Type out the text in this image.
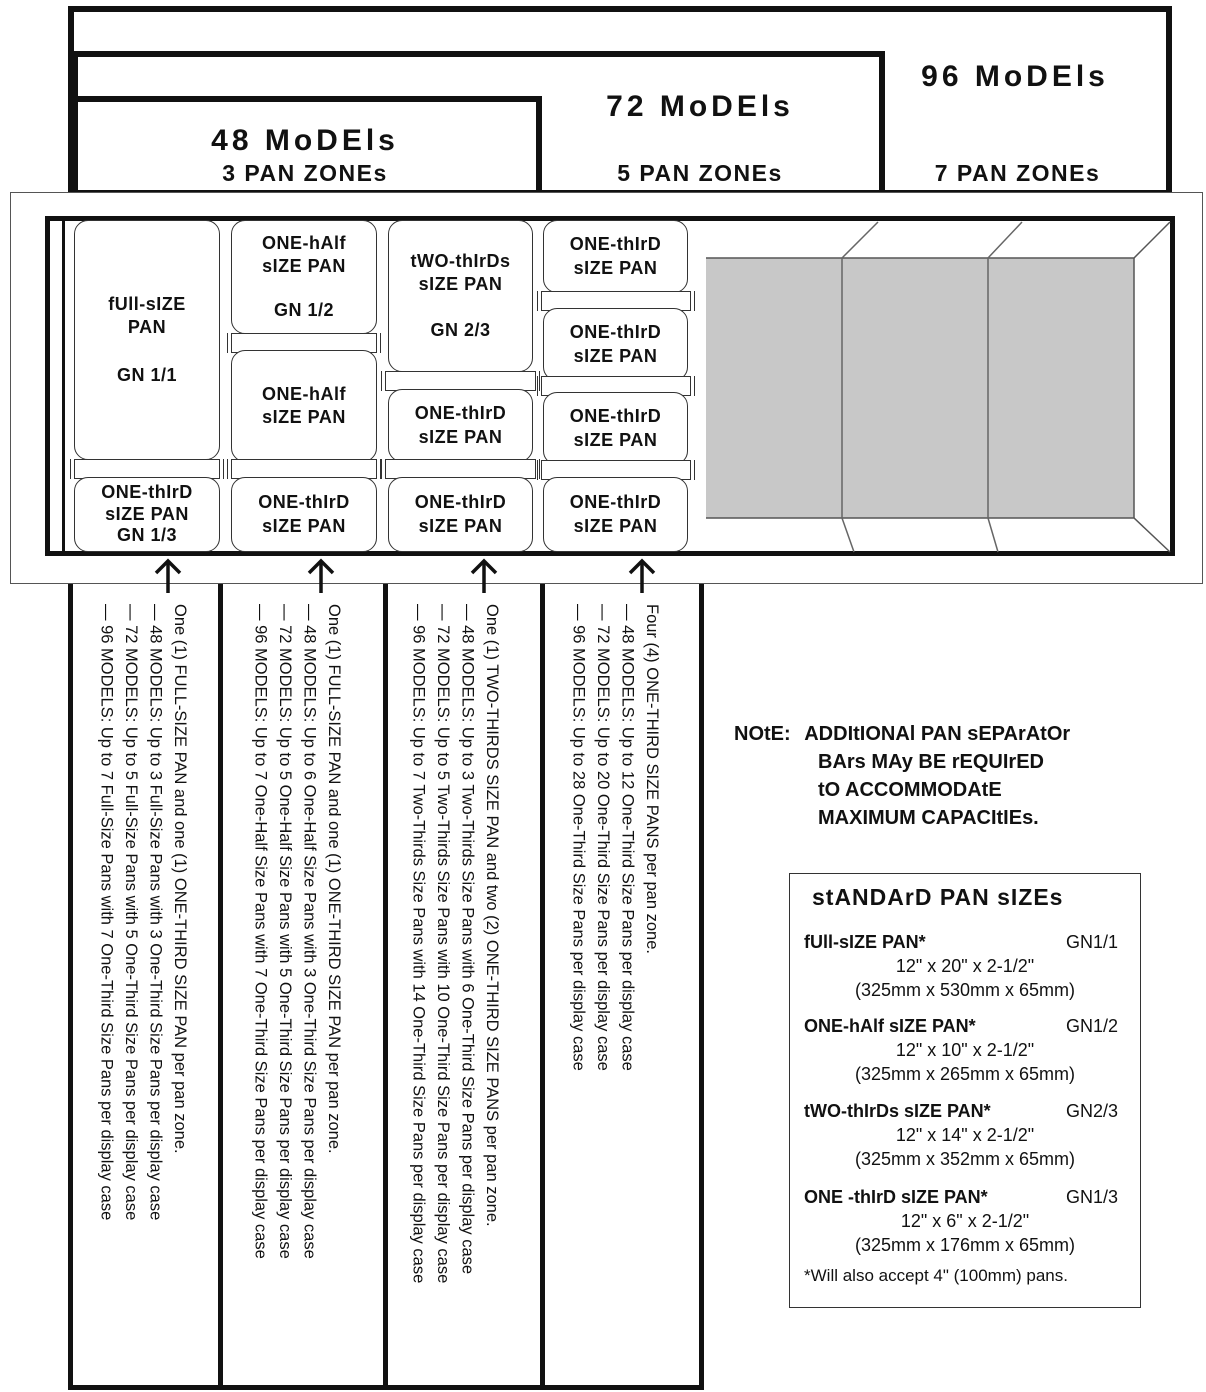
96 MoDEls
7 PAN ZONEs
72 MoDEls
5 PAN ZONEs
48 MoDEls
3 PAN ZONEs
fUll-sIZE
PAN
GN 1/1
ONE-thIrD
sIZE PAN
GN 1/3
ONE-hAlf
sIZE PAN
GN 1/2
ONE-hAlf
sIZE PAN
ONE-thIrD
sIZE PAN
tWO-thIrDs
sIZE PAN
GN 2/3
ONE-thIrD
sIZE PAN
ONE-thIrD
sIZE PAN
ONE-thIrD
sIZE PAN
ONE-thIrD
sIZE PAN
ONE-thIrD
sIZE PAN
ONE-thIrD
sIZE PAN
One (1) FULL-SIZE PAN and one (1) ONE-THIRD SIZE PAN per pan zone.
— 48 MODELS: Up to 3 Full-Size Pans with 3 One-Third Size Pans per display case
— 72 MODELS: Up to 5 Full-Size Pans with 5 One-Third Size Pans per display case
— 96 MODELS: Up to 7 Full-Size Pans with 7 One-Third Size Pans per display case	One (1) FULL-SIZE PAN and one (1) ONE-THIRD SIZE PAN per pan zone.
— 48 MODELS: Up to 6 One-Half Size Pans with 3 One-Third Size Pans per display case
— 72 MODELS: Up to 5 One-Half Size Pans with 5 One-Third Size Pans per display case
— 96 MODELS: Up to 7 One-Half Size Pans with 7 One-Third Size Pans per display case	One (1) TWO-THIRDS SIZE PAN and two (2) ONE-THIRD SIZE PANS per pan zone.
— 48 MODELS: Up to 3 Two-Thirds Size Pans with 6 One-Third Size Pans per display case
— 72 MODELS: Up to 5 Two-Thirds Size Pans with 10 One-Third Size Pans per display case
— 96 MODELS: Up to 7 Two-Thirds Size Pans with 14 One-Third Size Pans per display case	Four (4) ONE-THIRD SIZE PANS per pan zone.
— 48 MODELS: Up to 12 One-Third Size Pans per display case
— 72 MODELS: Up to 20 One-Third Size Pans per display case
— 96 MODELS: Up to 28 One-Third Size Pans per display case	NOtE: ADDItIONAl PAN sEPArAtOr
BArs MAy BE rEQUIrED
tO ACCOMMODAtE
MAXIMUM CAPACItIEs.
stANDArD PAN sIZEs
fUll-sIZE PAN*	GN1/1
12" x 20" x 2-1/2"
(325mm x 530mm x 65mm)
ONE-hAlf sIZE PAN*	GN1/2
12" x 10" x 2-1/2"
(325mm x 265mm x 65mm)
tWO-thIrDs sIZE PAN*	GN2/3
12" x 14" x 2-1/2"
(325mm x 352mm x 65mm)
ONE -thIrD sIZE PAN*	GN1/3
12" x 6" x 2-1/2"
(325mm x 176mm x 65mm)
*Will also accept 4" (100mm) pans.
